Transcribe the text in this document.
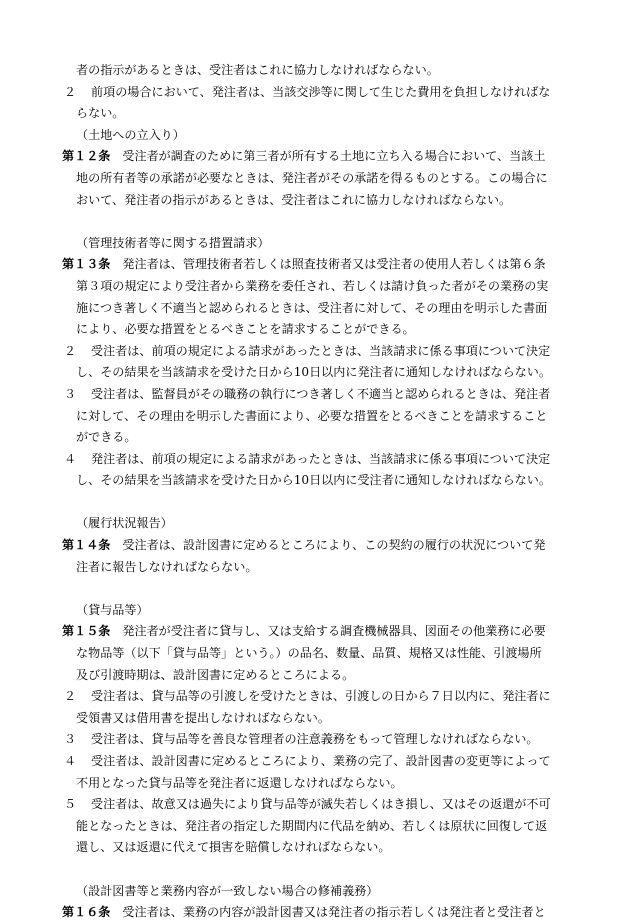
者の指示があるときは、受注者はこれに協力しなければならない。
２ 前項の場合において、発注者は、当該交渉等に関して生じた費用を負担しなければな
らない。
（土地への立入り）
第１２条 受注者が調査のために第三者が所有する土地に立ち入る場合において、当該土
地の所有者等の承諾が必要なときは、発注者がその承諾を得るものとする。この場合に
おいて、発注者の指示があるときは、受注者はこれに協力しなければならない。
（管理技術者等に関する措置請求）
第１３条 発注者は、管理技術者若しくは照査技術者又は受注者の使用人若しくは第６条
第３項の規定により受注者から業務を委任され、若しくは請け負った者がその業務の実
施につき著しく不適当と認められるときは、受注者に対して、その理由を明示した書面
により、必要な措置をとるべきことを請求することができる。
２ 受注者は、前項の規定による請求があったときは、当該請求に係る事項について決定
し、その結果を当該請求を受けた日から10日以内に発注者に通知しなければならない。
３ 受注者は、監督員がその職務の執行につき著しく不適当と認められるときは、発注者
に対して、その理由を明示した書面により、必要な措置をとるべきことを請求すること
ができる。
４ 発注者は、前項の規定による請求があったときは、当該請求に係る事項について決定
し、その結果を当該請求を受けた日から10日以内に受注者に通知しなければならない。
（履行状況報告）
第１４条 受注者は、設計図書に定めるところにより、この契約の履行の状況について発
注者に報告しなければならない。
（貸与品等）
第１５条 発注者が受注者に貸与し、又は支給する調査機械器具、図面その他業務に必要
な物品等（以下「貸与品等」という。）の品名、数量、品質、規格又は性能、引渡場所
及び引渡時期は、設計図書に定めるところによる。
２ 受注者は、貸与品等の引渡しを受けたときは、引渡しの日から７日以内に、発注者に
受領書又は借用書を提出しなければならない。
３ 受注者は、貸与品等を善良な管理者の注意義務をもって管理しなければならない。
４ 受注者は、設計図書に定めるところにより、業務の完了、設計図書の変更等によって
不用となった貸与品等を発注者に返還しなければならない。
５ 受注者は、故意又は過失により貸与品等が滅失若しくはき損し、又はその返還が不可
能となったときは、発注者の指定した期間内に代品を納め、若しくは原状に回復して返
還し、又は返還に代えて損害を賠償しなければならない。
（設計図書等と業務内容が一致しない場合の修補義務）
第１６条 受注者は、業務の内容が設計図書又は発注者の指示若しくは発注者と受注者と
